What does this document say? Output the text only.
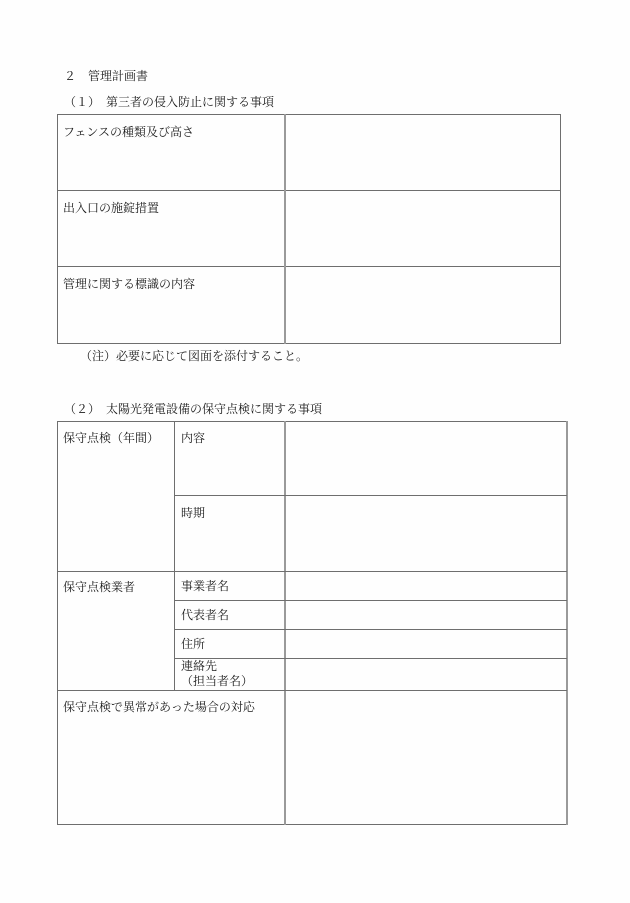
２　管理計画書
（１）　第三者の侵入防止に関する事項
フェンスの種類及び高さ
出入口の施錠措置
管理に関する標識の内容
（注）必要に応じて図面を添付すること。
（２）　太陽光発電設備の保守点検に関する事項
保守点検（年間） 内容
時期
保守点検業者	事業者名
代表者名
住所
連絡先
（担当者名）
保守点検で異常があった場合の対応
